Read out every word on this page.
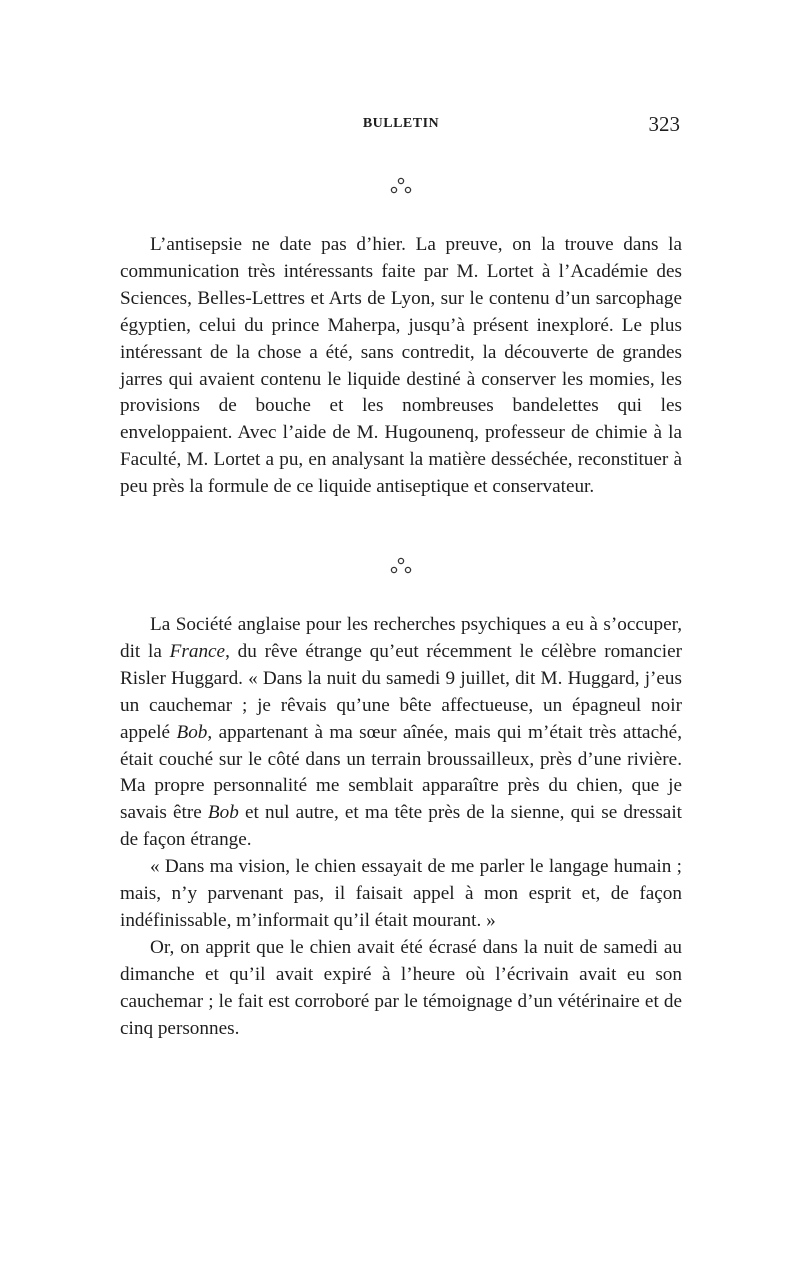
BULLETIN	323

L’antisepsie ne date pas d’hier. La preuve, on la trouve dans la communication très intéressants faite par M. Lortet à l’Académie des Sciences, Belles-Lettres et Arts de Lyon, sur le contenu d’un sarcophage égyptien, celui du prince Maherpa, jusqu’à présent inexploré. Le plus intéressant de la chose a été, sans contredit, la découverte de grandes jarres qui avaient contenu le liquide destiné à conserver les momies, les provisions de bouche et les nombreuses bandelettes qui les enveloppaient. Avec l’aide de M. Hugounenq, professeur de chimie à la Faculté, M. Lortet a pu, en analysant la matière desséchée, reconstituer à peu près la formule de ce liquide antiseptique et conservateur.

La Société anglaise pour les recherches psychiques a eu à s’occuper, dit la France, du rêve étrange qu’eut récemment le célèbre romancier Risler Huggard. « Dans la nuit du samedi 9 juillet, dit M. Huggard, j’eus un cauchemar ; je rêvais qu’une bête affectueuse, un épagneul noir appelé Bob, appartenant à ma sœur aînée, mais qui m’était très attaché, était couché sur le côté dans un terrain broussailleux, près d’une rivière. Ma propre personnalité me semblait apparaître près du chien, que je savais être Bob et nul autre, et ma tête près de la sienne, qui se dressait de façon étrange.

« Dans ma vision, le chien essayait de me parler le langage humain ; mais, n’y parvenant pas, il faisait appel à mon esprit et, de façon indéfinissable, m’informait qu’il était mourant. »

Or, on apprit que le chien avait été écrasé dans la nuit de samedi au dimanche et qu’il avait expiré à l’heure où l’écrivain avait eu son cauchemar ; le fait est corroboré par le témoignage d’un vétérinaire et de cinq personnes.
